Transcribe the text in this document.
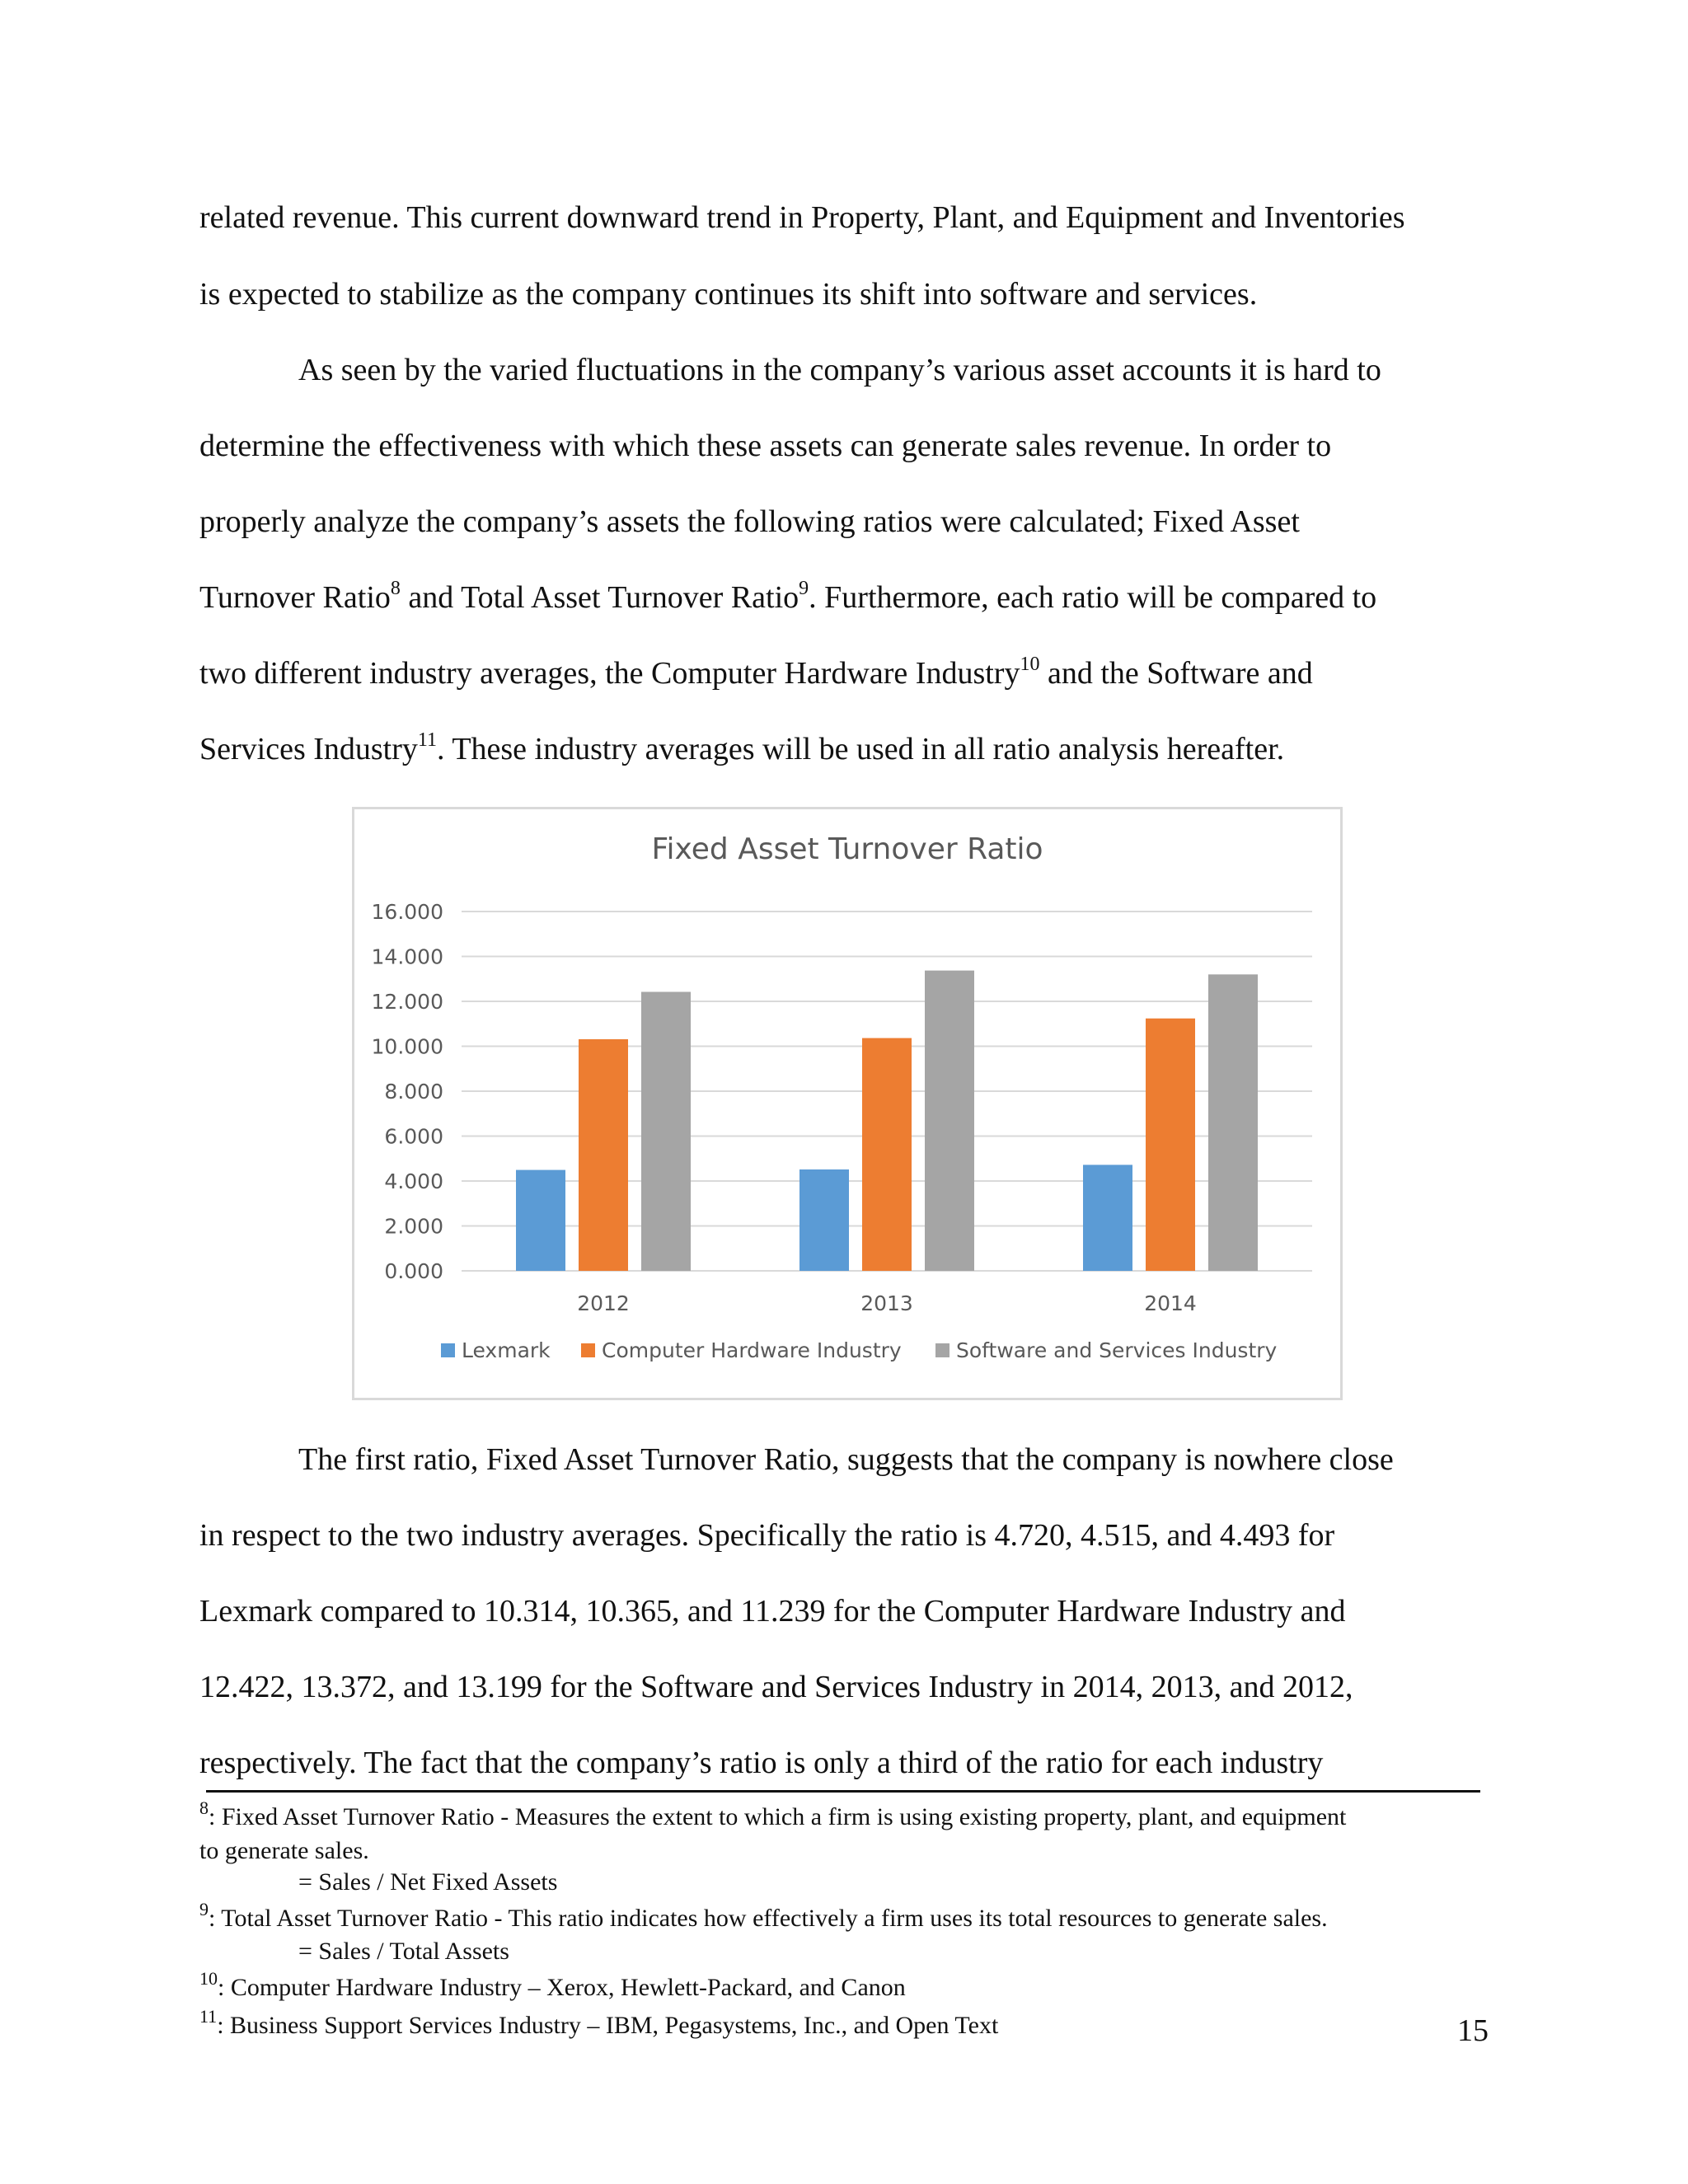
related revenue. This current downward trend in Property, Plant, and Equipment and Inventories
is expected to stabilize as the company continues its shift into software and services.
As seen by the varied fluctuations in the company’s various asset accounts it is hard to
determine the effectiveness with which these assets can generate sales revenue. In order to
properly analyze the company’s assets the following ratios were calculated; Fixed Asset
Turnover Ratio$^8$ and Total Asset Turnover Ratio$^9$. Furthermore, each ratio will be compared to
two different industry averages, the Computer Hardware Industry$^{10}$ and the Software and
Services Industry$^{11}$. These industry averages will be used in all ratio analysis hereafter.
The first ratio, Fixed Asset Turnover Ratio, suggests that the company is nowhere close
in respect to the two industry averages. Specifically the ratio is 4.720, 4.515, and 4.493 for
Lexmark compared to 10.314, 10.365, and 11.239 for the Computer Hardware Industry and
12.422, 13.372, and 13.199 for the Software and Services Industry in 2014, 2013, and 2012,
respectively. The fact that the company’s ratio is only a third of the ratio for each industry
Fixed Asset Turnover Ratio
0.000
2.000
4.000
6.000
8.000
10.000
12.000
14.000
16.000
2012	2013	2014
Lexmark Computer Hardware Industry	Software and Services Industry
$^8$: Fixed Asset Turnover Ratio - Measures the extent to which a firm is using existing property, plant, and equipment
to generate sales.
= Sales / Net Fixed Assets
$^9$: Total Asset Turnover Ratio - This ratio indicates how effectively a firm uses its total resources to generate sales.
= Sales / Total Assets
$^{10}$: Computer Hardware Industry – Xerox, Hewlett-Packard, and Canon
$^{11}$: Business Support Services Industry – IBM, Pegasystems, Inc., and Open Text	15
